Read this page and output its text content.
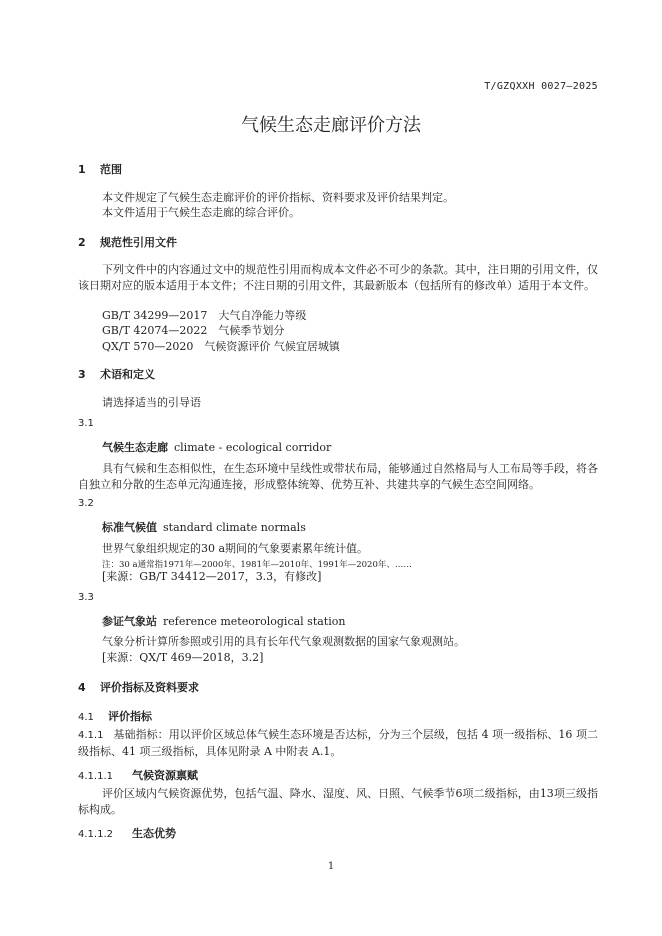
T/GZQXXH 0027—2025
气候生态走廊评价方法
1 范围
本文件规定了气候生态走廊评价的评价指标、资料要求及评价结果判定。
本文件适用于气候生态走廊的综合评价。
2 规范性引用文件
下列文件中的内容通过文中的规范性引用而构成本文件必不可少的条款。其中，注日期的引用文件，仅该日期对应的版本适用于本文件；不注日期的引用文件，其最新版本（包括所有的修改单）适用于本文件。
GB/T 34299—2017　大气自净能力等级
GB/T 42074—2022　气候季节划分
QX/T 570—2020　气候资源评价 气候宜居城镇
3 术语和定义
请选择适当的引导语
3.1
气候生态走廊 climate - ecological corridor
具有气候和生态相似性，在生态环境中呈线性或带状布局，能够通过自然格局与人工布局等手段，将各自独立和分散的生态单元沟通连接，形成整体统筹、优势互补、共建共享的气候生态空间网络。
3.2
标准气候值 standard climate normals
世界气象组织规定的30 a期间的气象要素累年统计值。
注：30 a通常指1971年—2000年、1981年—2010年、1991年—2020年、……
[来源：GB/T 34412—2017，3.3，有修改]
3.3
参证气象站 reference meteorological station
气象分析计算所参照或引用的具有长年代气象观测数据的国家气象观测站。
[来源：QX/T 469—2018，3.2]
4 评价指标及资料要求
4.1 评价指标
4.1.1 基础指标：用以评价区域总体气候生态环境是否达标，分为三个层级，包括 4 项一级指标、16 项二级指标、41 项三级指标，具体见附录 A 中附表 A.1。
4.1.1.1 气候资源禀赋
评价区域内气候资源优势，包括气温、降水、湿度、风、日照、气候季节6项二级指标，由13项三级指标构成。
4.1.1.2 生态优势
1
